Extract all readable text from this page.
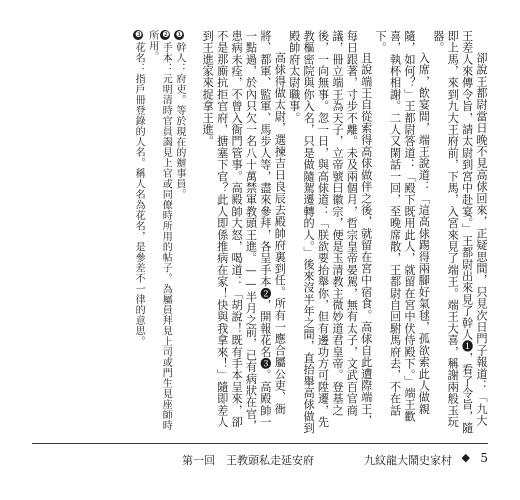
卻說王都尉當日晚不見高俅回來，正疑思間，只見次日門子報道：「九大王差人來傳令旨，請太尉到宮中赴宴。」王都尉出來見了幹人❶，看了令旨，隨即上馬，來到九大王府前，下馬，入宮來見了端王。端王大喜，稱謝兩般玉玩器。

入席，飲宴間，端王說道：「這高俅踢得兩腳好氣毬，孤欲索此人做親隨，如何？」王都尉答道：「殿下既用此人，就留在宮中伏侍殿下。」端王歡喜，執杯相謝。二人又閑話一回，至晚席散，王都尉自回駙馬府去，不在話下。

且說端王自從索得高俅做伴之後，就留在宮中宿食。高俅自此遭際端王，每日跟著，寸步不離。未及兩個月，哲宗皇帝晏駕，無有太子，文武百官商議，冊立端王為天子，立帝號曰徽宗，便是玉清教主微妙道君皇帝。登基之後，一向無事。忽一日，與高俅道：「朕欲要抬舉你，但有邊功方可陞遷，先教樞密院與你入名，只是做隨駕遷轉的人。」後來沒半年之間，直抬舉高俅做到殿帥府太尉職事。

高俅得做太尉，選揀吉日良辰去殿帥府裏到任。所有一應合屬公吏、衙將、都軍、監軍、馬步人等，盡來參拜，各呈手本❷，開報花名❸。高殿帥一一點過，於內只欠一名八十萬禁軍教頭王進。——半月之前，已有病狀在官，患病未痊，不曾入衙門管事。高殿帥大怒，喝道：「胡說！既有手本呈來，卻不是那廝抗拒官府，搪塞下官？此人即係推病在家！快與我拿來！」隨即差人到王進家來捉拿王進。

❶幹人：府吏。等於現在的辦事員。

❷手本：元明清時官員謁見上官或同僚時所用的帖子。為屬員拜見上司或門生見座師時所用。

❸花名：指戶冊登錄的人名。稱人名為花名，是參差不一律的意思。

第一回　 王教頭私走延安府	九紋龍大鬧史家村 ◆ 5
